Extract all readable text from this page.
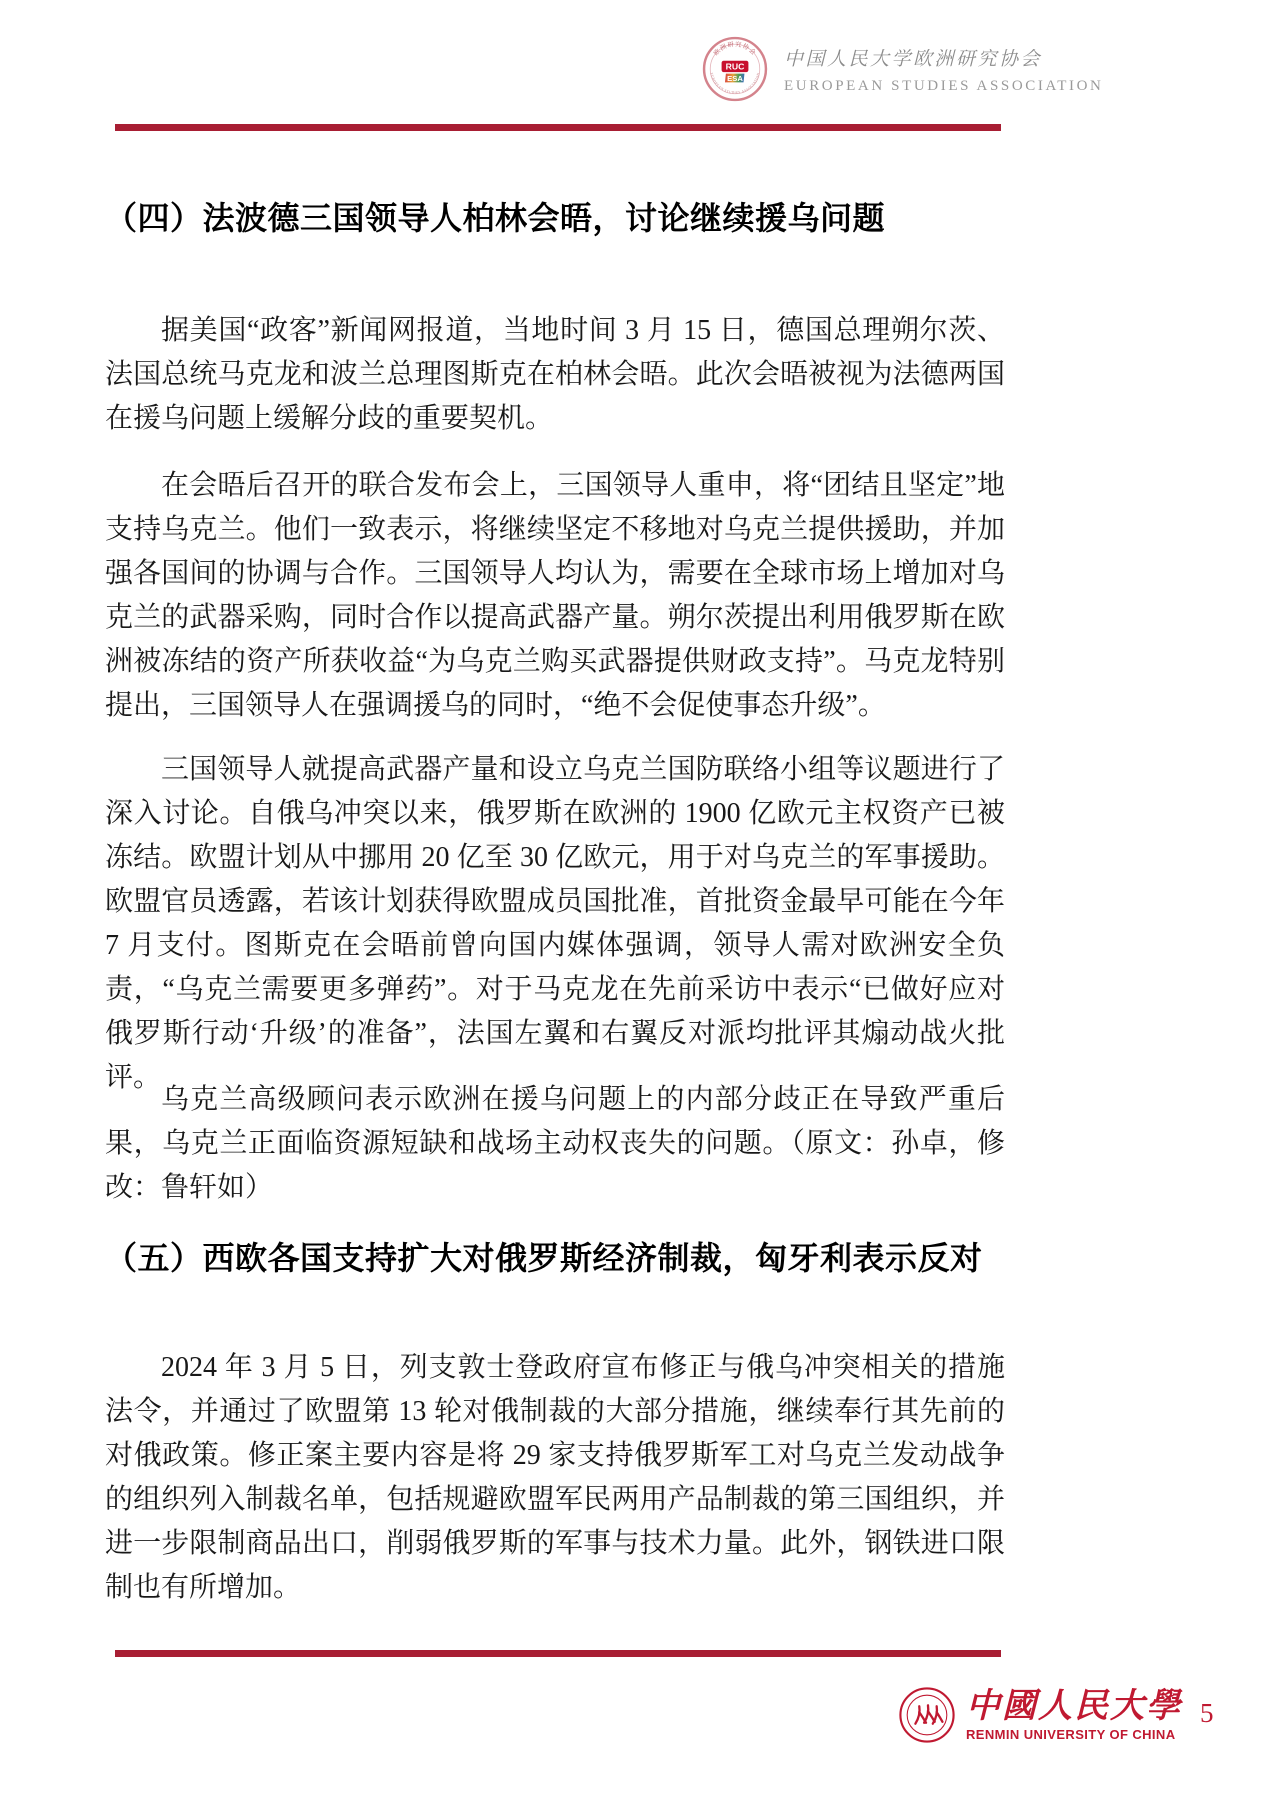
欧洲研究协会
EUROPEAN STUDIES ASSOCIATION
RUC
ESA
中国人民大学欧洲研究协会
EUROPEAN STUDIES ASSOCIATION
（四）法波德三国领导人柏林会晤，讨论继续援乌问题

据美国“政客”新闻网报道，当地时间 3 月 15 日，德国总理朔尔茨、法国总统马克龙和波兰总理图斯克在柏林会晤。此次会晤被视为法德两国在援乌问题上缓解分歧的重要契机。

在会晤后召开的联合发布会上，三国领导人重申，将“团结且坚定”地支持乌克兰。他们一致表示，将继续坚定不移地对乌克兰提供援助，并加强各国间的协调与合作。三国领导人均认为，需要在全球市场上增加对乌克兰的武器采购，同时合作以提高武器产量。朔尔茨提出利用俄罗斯在欧洲被冻结的资产所获收益“为乌克兰购买武器提供财政支持”。马克龙特别提出，三国领导人在强调援乌的同时，“绝不会促使事态升级”。

三国领导人就提高武器产量和设立乌克兰国防联络小组等议题进行了深入讨论。自俄乌冲突以来，俄罗斯在欧洲的 1900 亿欧元主权资产已被冻结。欧盟计划从中挪用 20 亿至 30 亿欧元，用于对乌克兰的军事援助。欧盟官员透露，若该计划获得欧盟成员国批准，首批资金最早可能在今年 7 月支付。图斯克在会晤前曾向国内媒体强调，领导人需对欧洲安全负责，“乌克兰需要更多弹药”。对于马克龙在先前采访中表示“已做好应对俄罗斯行动‘升级’的准备”，法国左翼和右翼反对派均批评其煽动战火批评。

乌克兰高级顾问表示欧洲在援乌问题上的内部分歧正在导致严重后果，乌克兰正面临资源短缺和战场主动权丧失的问题。（原文：孙卓，修改：鲁轩如）

（五）西欧各国支持扩大对俄罗斯经济制裁，匈牙利表示反对

2024 年 3 月 5 日，列支敦士登政府宣布修正与俄乌冲突相关的措施法令，并通过了欧盟第 13 轮对俄制裁的大部分措施，继续奉行其先前的对俄政策。修正案主要内容是将 29 家支持俄罗斯军工对乌克兰发动战争的组织列入制裁名单，包括规避欧盟军民两用产品制裁的第三国组织，并进一步限制商品出口，削弱俄罗斯的军事与技术力量。此外，钢铁进口限制也有所增加。

中國人民大學
RENMIN UNIVERSITY OF CHINA
5
